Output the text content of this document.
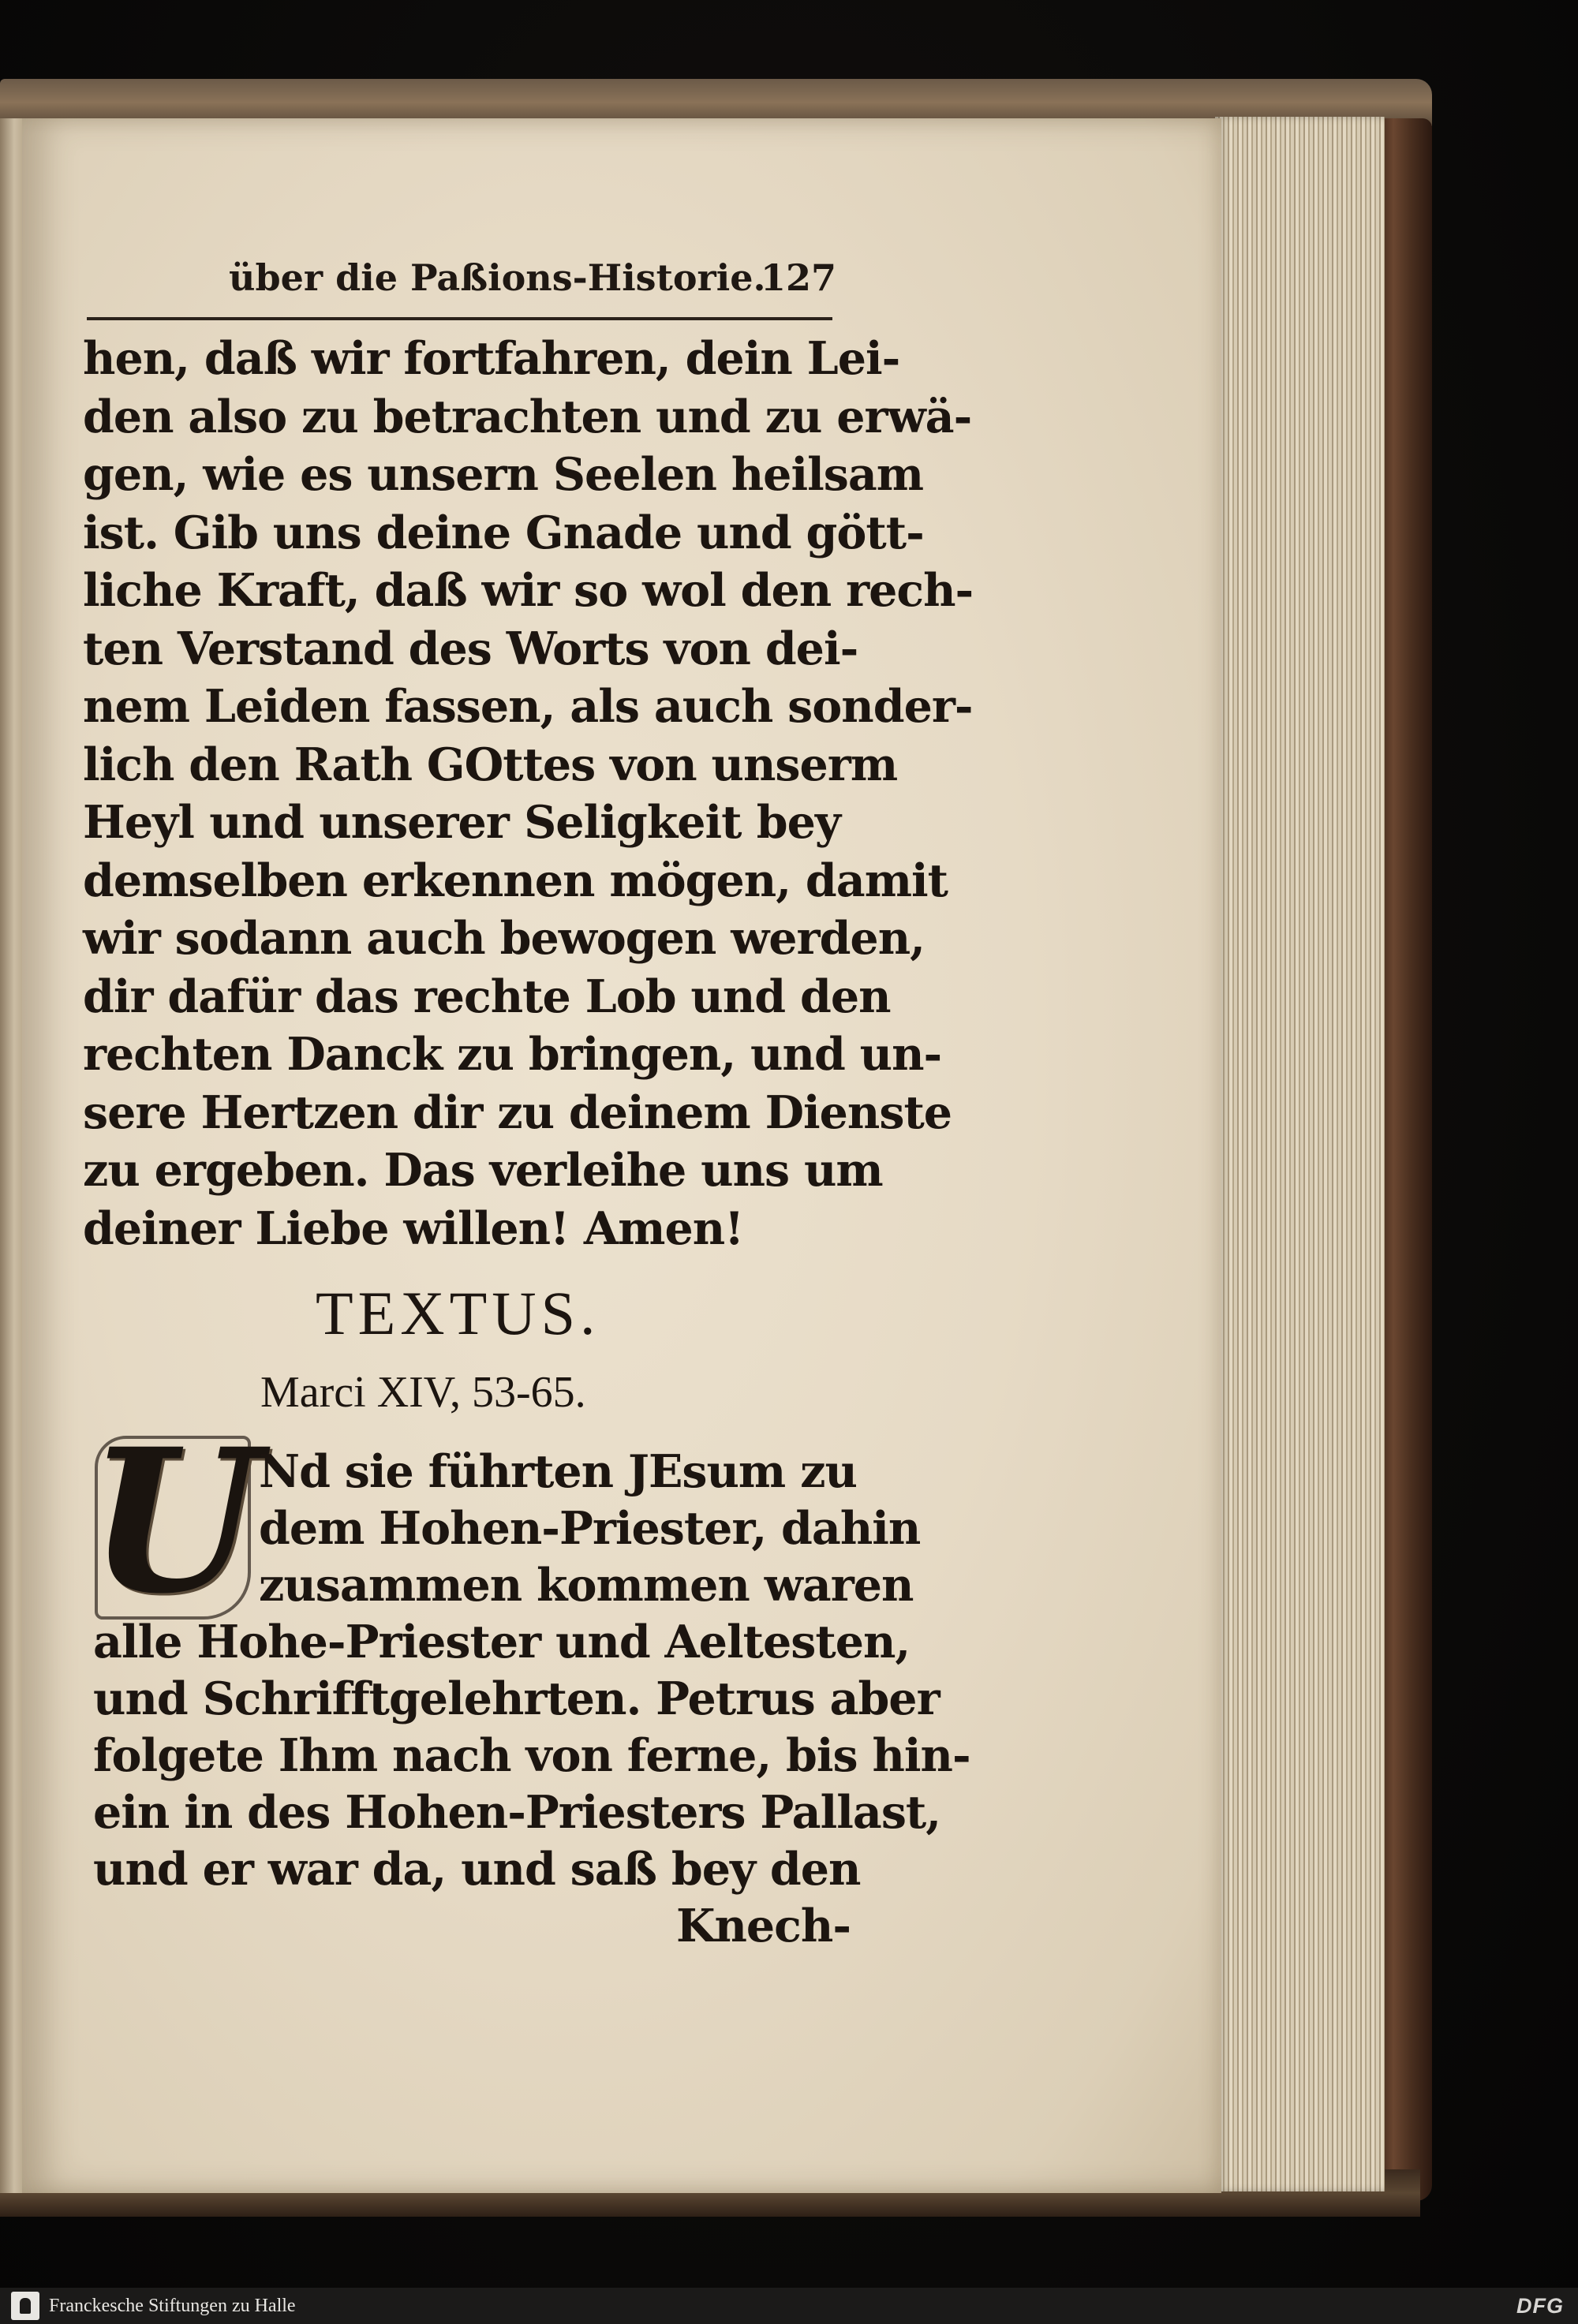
über die Paßions-Historie.
127
hen, daß wir fortfahren, dein Lei-
den also zu betrachten und zu erwä-
gen, wie es unsern Seelen heilsam
ist. Gib uns deine Gnade und gött-
liche Kraft, daß wir so wol den rech-
ten Verstand des Worts von dei-
nem Leiden fassen, als auch sonder-
lich den Rath GOttes von unserm
Heyl und unserer Seligkeit bey
demselben erkennen mögen, damit
wir sodann auch bewogen werden,
dir dafür das rechte Lob und den
rechten Danck zu bringen, und un-
sere Hertzen dir zu deinem Dienste
zu ergeben. Das verleihe uns um
deiner Liebe willen! Amen!
TEXTUS.
Marci XIV, 53-65.
U
Nd sie führten JEsum zu
dem Hohen-Priester, dahin
zusammen kommen waren
alle Hohe-Priester und Aeltesten,
und Schrifftgelehrten. Petrus aber
folgete Ihm nach von ferne, bis hin-
ein in des Hohen-Priesters Pallast,
und er war da, und saß bey den
Knech-
Franckesche Stiftungen zu Halle	DFG
